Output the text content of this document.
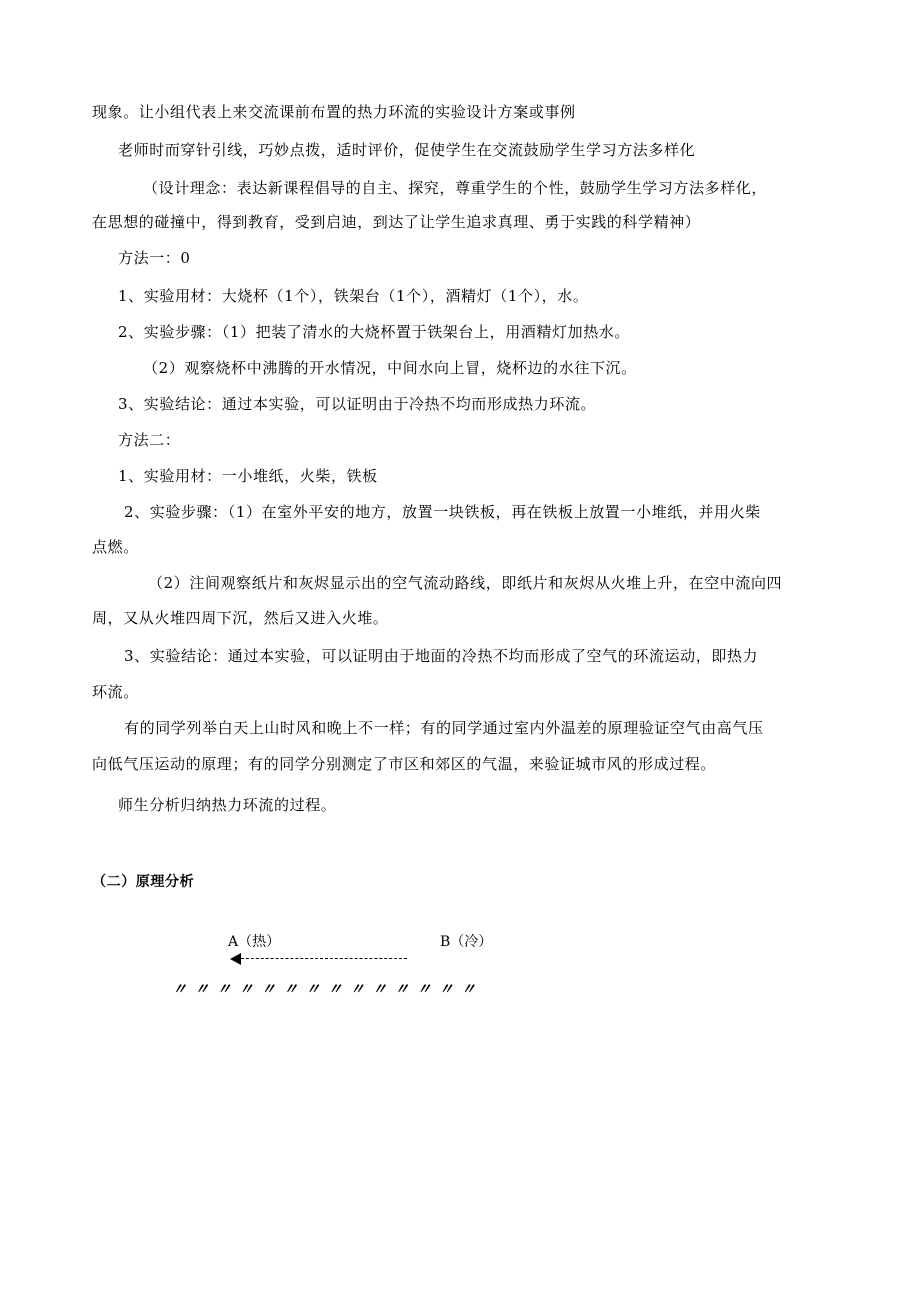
现象。让小组代表上来交流课前布置的热力环流的实验设计方案或事例
老师时而穿针引线，巧妙点拨，适时评价，促使学生在交流鼓励学生学习方法多样化
（设计理念：表达新课程倡导的自主、探究，尊重学生的个性，鼓励学生学习方法多样化，
在思想的碰撞中，得到教育，受到启迪，到达了让学生追求真理、勇于实践的科学精神）
方法一：0
1、实验用材：大烧杯（1个），铁架台（1个），酒精灯（1个），水。
2、实验步骤：（1）把装了清水的大烧杯置于铁架台上，用酒精灯加热水。
（2）观察烧杯中沸腾的开水情况，中间水向上冒，烧杯边的水往下沉。
3、实验结论：通过本实验，可以证明由于冷热不均而形成热力环流。
方法二：
1、实验用材：一小堆纸，火柴，铁板
2、实验步骤：（1）在室外平安的地方，放置一块铁板，再在铁板上放置一小堆纸，并用火柴
点燃。
（2）注间观察纸片和灰烬显示出的空气流动路线，即纸片和灰烬从火堆上升，在空中流向四
周，又从火堆四周下沉，然后又进入火堆。
3、实验结论：通过本实验，可以证明由于地面的冷热不均而形成了空气的环流运动，即热力
环流。
有的同学列举白天上山时风和晚上不一样；有的同学通过室内外温差的原理验证空气由高气压
向低气压运动的原理；有的同学分别测定了市区和郊区的气温，来验证城市风的形成过程。
师生分析归纳热力环流的过程。
（二）原理分析
A（热）	B（冷）
〃 〃 〃 〃 〃 〃 〃 〃 〃 〃 〃 〃 〃 〃
